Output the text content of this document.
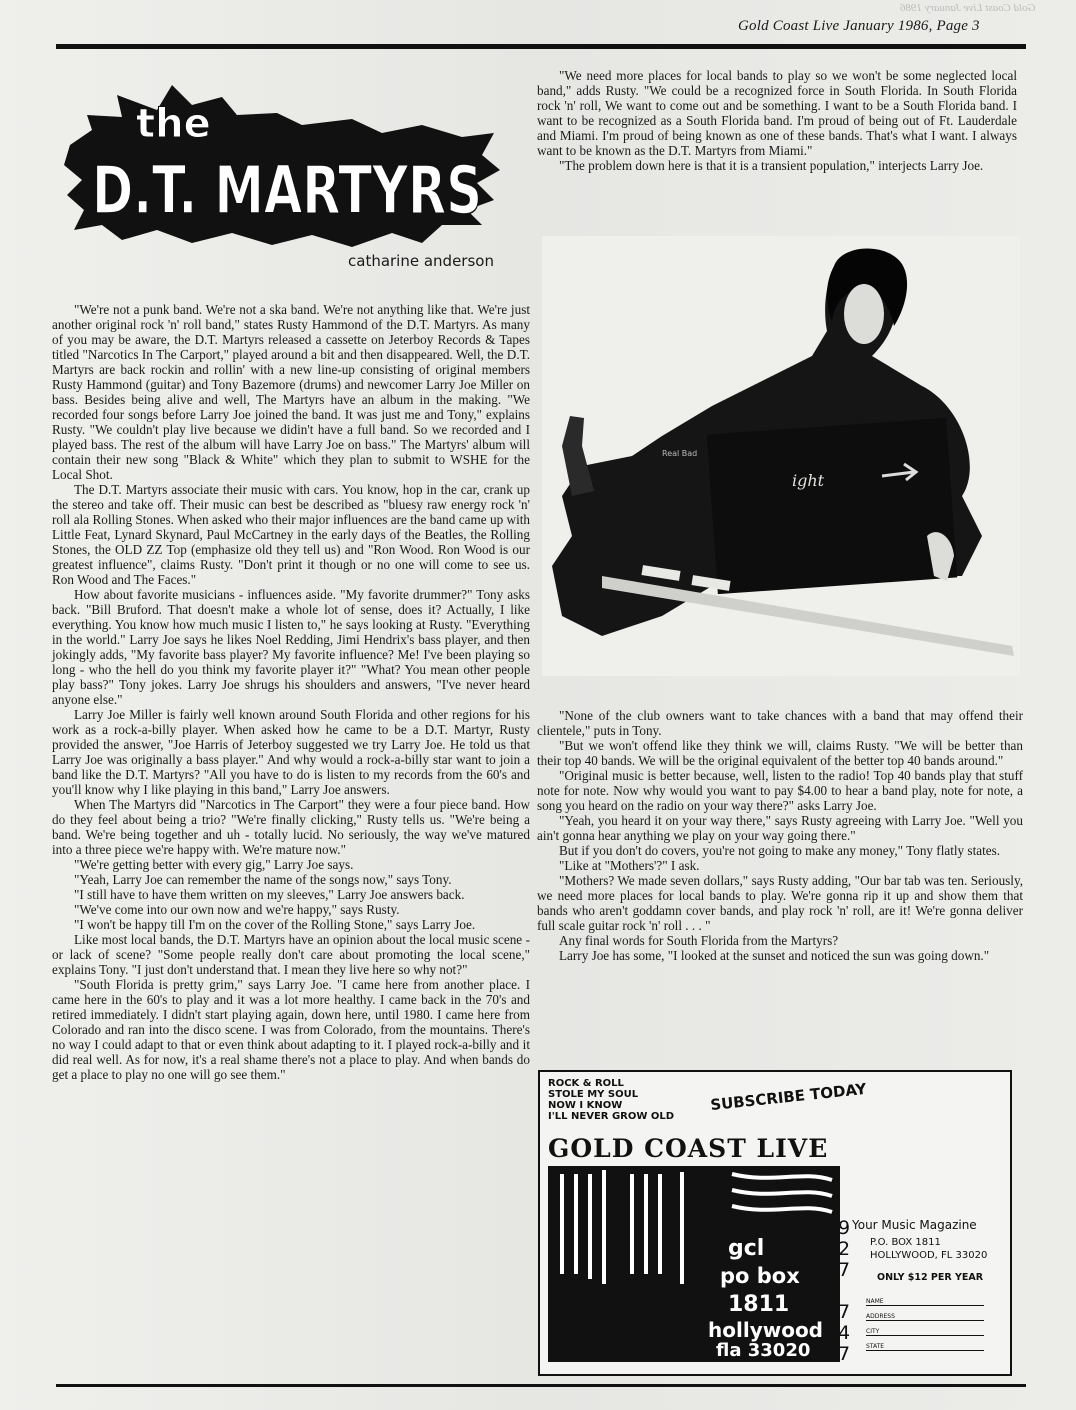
Gold Coast Live January 1986
Gold Coast Live January 1986, Page 3
the
D.T. MARTYRS
catharine anderson

"We're not a punk band. We're not a ska band. We're not anything like that. We're just another original rock 'n' roll band," states Rusty Hammond of the D.T. Martyrs. As many of you may be aware, the D.T. Martyrs released a cassette on Jeterboy Records & Tapes titled "Narcotics In The Carport," played around a bit and then disappeared. Well, the D.T. Martyrs are back rockin and rollin' with a new line-up consisting of original members Rusty Hammond (guitar) and Tony Bazemore (drums) and newcomer Larry Joe Miller on bass. Besides being alive and well, The Martyrs have an album in the making. "We recorded four songs before Larry Joe joined the band. It was just me and Tony," explains Rusty. "We couldn't play live because we didin't have a full band. So we recorded and I played bass. The rest of the album will have Larry Joe on bass." The Martyrs' album will contain their new song "Black & White" which they plan to submit to WSHE for the Local Shot.

The D.T. Martyrs associate their music with cars. You know, hop in the car, crank up the stereo and take off. Their music can best be described as "bluesy raw energy rock 'n' roll ala Rolling Stones. When asked who their major influences are the band came up with Little Feat, Lynard Skynard, Paul McCartney in the early days of the Beatles, the Rolling Stones, the OLD ZZ Top (emphasize old they tell us) and "Ron Wood. Ron Wood is our greatest influence", claims Rusty. "Don't print it though or no one will come to see us. Ron Wood and The Faces."

How about favorite musicians - influences aside. "My favorite drummer?" Tony asks back. "Bill Bruford. That doesn't make a whole lot of sense, does it? Actually, I like everything. You know how much music I listen to," he says looking at Rusty. "Everything in the world." Larry Joe says he likes Noel Redding, Jimi Hendrix's bass player, and then jokingly adds, "My favorite bass player? My favorite influence? Me! I've been playing so long - who the hell do you think my favorite player it?" "What? You mean other people play bass?" Tony jokes. Larry Joe shrugs his shoulders and answers, "I've never heard anyone else."

Larry Joe Miller is fairly well known around South Florida and other regions for his work as a rock-a-billy player. When asked how he came to be a D.T. Martyr, Rusty provided the answer, "Joe Harris of Jeterboy suggested we try Larry Joe. He told us that Larry Joe was originally a bass player." And why would a rock-a-billy star want to join a band like the D.T. Martyrs? "All you have to do is listen to my records from the 60's and you'll know why I like playing in this band," Larry Joe answers.

When The Martyrs did "Narcotics in The Carport" they were a four piece band. How do they feel about being a trio? "We're finally clicking," Rusty tells us. "We're being a band. We're being together and uh - totally lucid. No seriously, the way we've matured into a three piece we're happy with. We're mature now."

"We're getting better with every gig," Larry Joe says.

"Yeah, Larry Joe can remember the name of the songs now," says Tony.

"I still have to have them written on my sleeves," Larry Joe answers back.

"We've come into our own now and we're happy," says Rusty.

"I won't be happy till I'm on the cover of the Rolling Stone," says Larry Joe.

Like most local bands, the D.T. Martyrs have an opinion about the local music scene - or lack of scene? "Some people really don't care about promoting the local scene," explains Tony. "I just don't understand that. I mean they live here so why not?"

"South Florida is pretty grim," says Larry Joe. "I came here from another place. I came here in the 60's to play and it was a lot more healthy. I came back in the 70's and retired immediately. I didn't start playing again, down here, until 1980. I came here from Colorado and ran into the disco scene. I was from Colorado, from the mountains. There's no way I could adapt to that or even think about adapting to it. I played rock-a-billy and it did real well. As for now, it's a real shame there's not a place to play. And when bands do get a place to play no one will go see them."

"We need more places for local bands to play so we won't be some neglected local band," adds Rusty. "We could be a recognized force in South Florida. In South Florida rock 'n' roll, We want to come out and be something. I want to be a South Florida band. I want to be recognized as a South Florida band. I'm proud of being out of Ft. Lauderdale and Miami. I'm proud of being known as one of these bands. That's what I want. I always want to be known as the D.T. Martyrs from Miami."

"The problem down here is that it is a transient population," interjects Larry Joe.

ight
Real Bad

"None of the club owners want to take chances with a band that may offend their clientele," puts in Tony.

"But we won't offend like they think we will, claims Rusty. "We will be better than their top 40 bands. We will be the original equivalent of the better top 40 bands around."

"Original music is better because, well, listen to the radio! Top 40 bands play that stuff note for note. Now why would you want to pay $4.00 to hear a band play, note for note, a song you heard on the radio on your way there?" asks Larry Joe.

"Yeah, you heard it on your way there," says Rusty agreeing with Larry Joe. "Well you ain't gonna hear anything we play on your way going there."

But if you don't do covers, you're not going to make any money," Tony flatly states.

"Like at "Mothers'?" I ask.

"Mothers? We made seven dollars," says Rusty adding, "Our bar tab was ten. Seriously, we need more places for local bands to play. We're gonna rip it up and show them that bands who aren't goddamn cover bands, and play rock 'n' roll, are it! We're gonna deliver full scale guitar rock 'n' roll . . . "

Any final words for South Florida from the Martyrs?

Larry Joe has some, "I looked at the sunset and noticed the sun was going down."

ROCK & ROLL
STOLE MY SOUL
NOW I KNOW
I'LL NEVER GROW OLD
SUBSCRIBE TODAY
GOLD COAST LIVE
gcl
po box
1811
hollywood
fla 33020
9
2
7

7
4
7
Your Music Magazine
P.O. BOX 1811
HOLLYWOOD, FL 33020
ONLY $12 PER YEAR
NAME
ADDRESS
CITY
STATE
